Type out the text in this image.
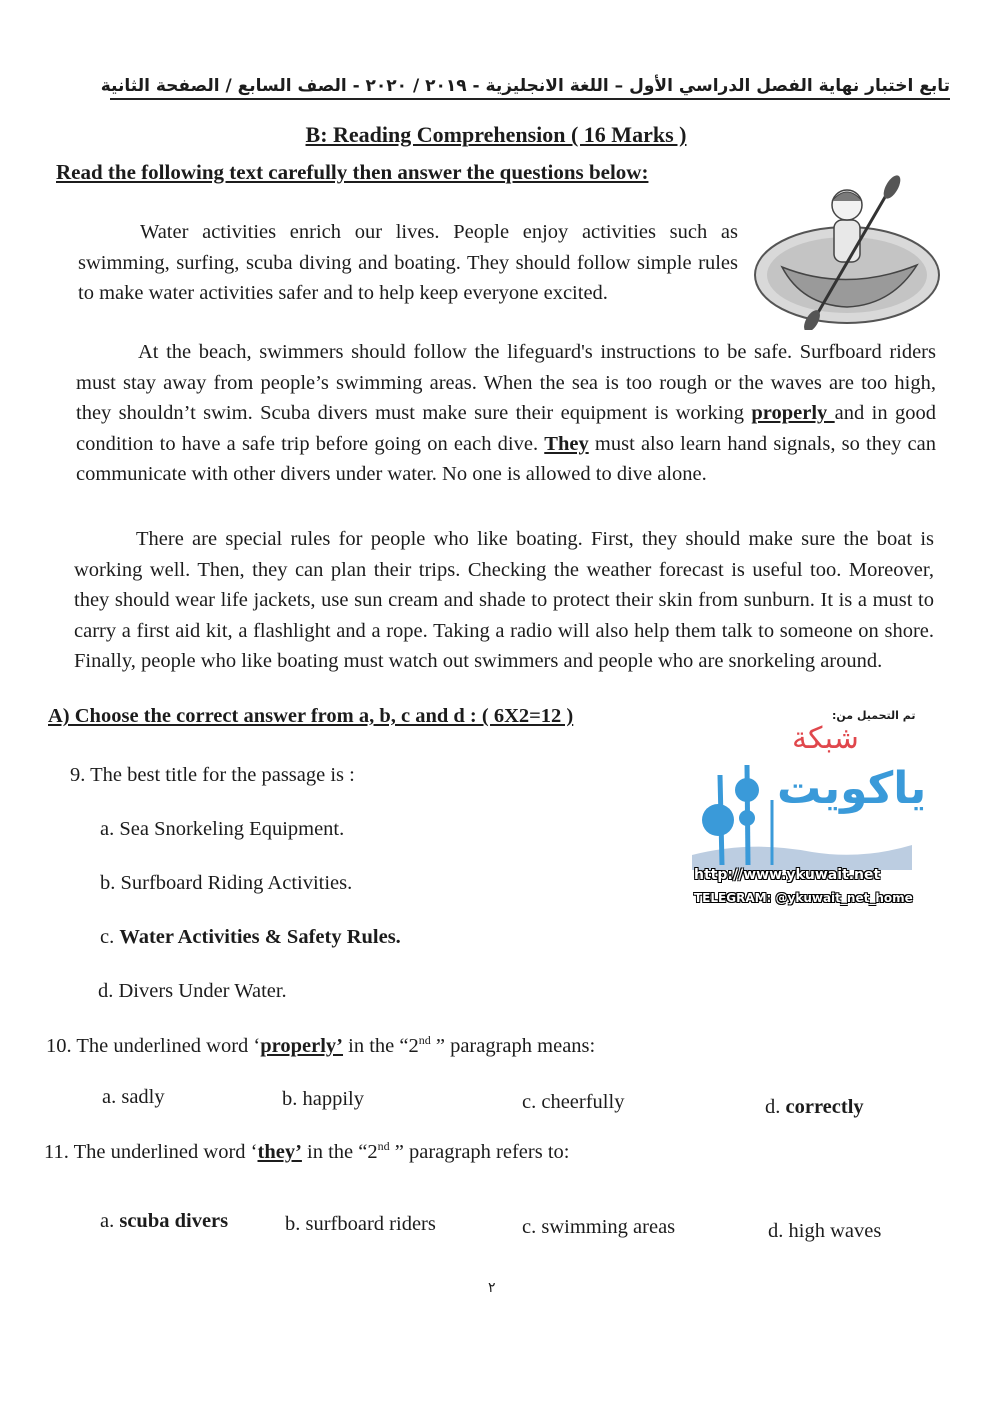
تابع اختبار نهاية الفصل الدراسي الأول – اللغة الانجليزية - ٢٠١٩ / ٢٠٢٠ - الصف السابع / الصفحة الثانية
B: Reading Comprehension ( 16 Marks )
Read the following text carefully then answer the questions below:

Water activities enrich our lives. People enjoy activities such as swimming, surfing, scuba diving and boating. They should follow simple rules to make water activities safer and to help keep everyone excited.

At the beach, swimmers should follow the lifeguard's instructions to be safe. Surfboard riders must stay away from people’s swimming areas. When the sea is too rough or the waves are too high, they shouldn’t swim. Scuba divers must make sure their equipment is working properly and in good condition to have a safe trip before going on each dive. They must also learn hand signals, so they can communicate with other divers under water. No one is allowed to dive alone.

There are special rules for people who like boating. First, they should make sure the boat is working well. Then, they can plan their trips. Checking the weather forecast is useful too. Moreover, they should wear life jackets, use sun cream and shade to protect their skin from sunburn. It is a must to carry a first aid kit, a flashlight and a rope. Taking a radio will also help them talk to someone on shore. Finally, people who like boating must watch out swimmers and people who are snorkeling around.

A) Choose the correct answer from a, b, c and d : ( 6X2=12 )	تم التحميل من:
شبكة
ياكويت
http://www.ykuwait.net
TELEGRAM: @ykuwait_net_home
9. The best title for the passage is :
a. Sea Snorkeling Equipment.
b. Surfboard Riding Activities.
c. Water Activities & Safety Rules.
d. Divers Under Water.
10. The underlined word ‘properly’ in the “2nd ” paragraph means:
a. sadly	b. happily	c. cheerfully	d. correctly
11. The underlined word ‘they’ in the “2nd ” paragraph refers to:
a. scuba divers	b. surfboard riders	c. swimming areas	d. high waves
٢
